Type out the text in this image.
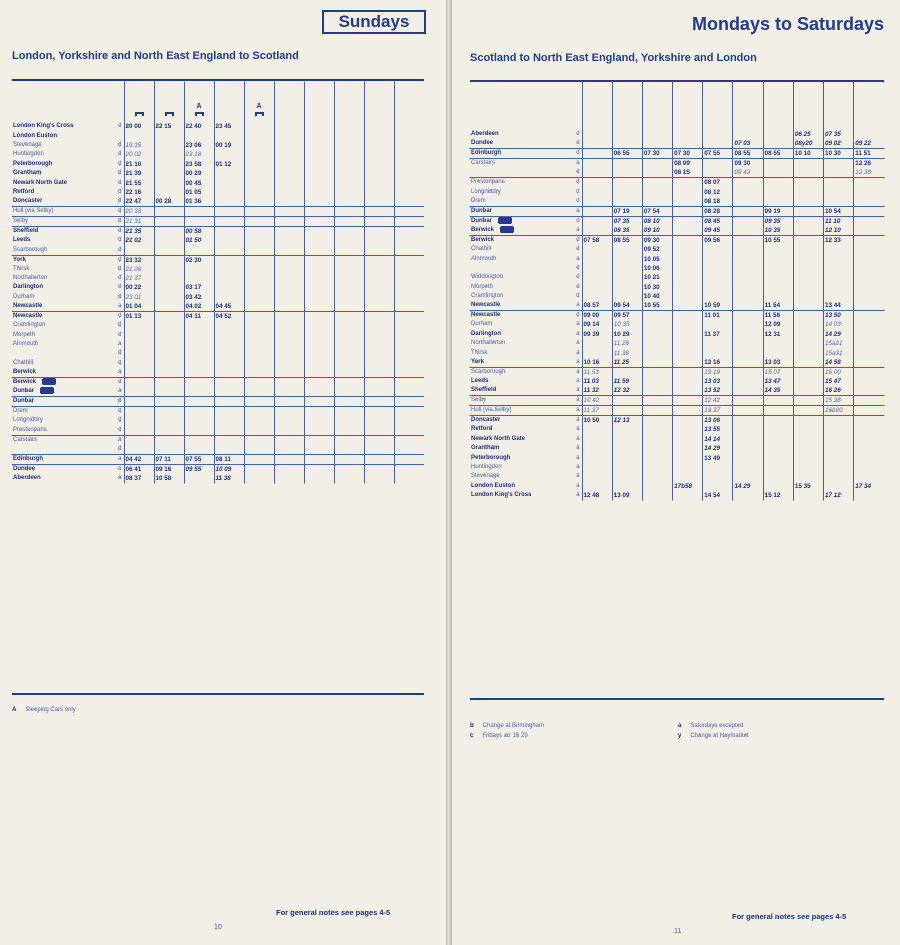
Sundays
London, Yorkshire and North East England to Scotland

				A		A					

London King's Cross	d	20 00	22 15	22 40	23 45						
London Euston											
Stevenage	d	19 15		23 06	00 19						
Huntingdon	d	20 02		23 18							
Peterborough	d	21 10		23 58	01 12						
Grantham	d	21 39		00 29							
Newark North Gate	d	21 55		00 45							
Retford	d	22 16		01 05							
Doncaster	d	22 47	00 28	01 36							
Hull (via Selby)	d	20 35									
Selby	d	21 31									
Sheffield	d	21 35		00 58							
Leeds	d	21 02		01 50							
Scarborough	d										
York	d	23 32		02 30							
Thirsk	d	21 26									
Northallerton	d	21 37									
Darlington	d	00 22		03 17							
Durham	d	23 01		03 42							
Newcastle	a	01 04		04 02	04 45						
Newcastle	d	01 13		04 11	04 52						
Cramlington	d										
Morpeth	d										
Alnmouth	a										
	d										
Chathill	d										
Berwick	a										
Berwick	d										
Dunbar	a										
Dunbar	d										
Drem	d										
Longniddry	d										
Prestonpans	d										
Carstairs	a										
	d										
Edinburgh	a	04 42	07 11	07 55	08 11						
Dundee	a	06 41	09 16	09 55	10 09						
Aberdeen	a	08 37	10 58		11 38						
A Sleeping Cars only
For general notes see pages 4-5
10
Mondays to Saturdays
Scotland to North East England, Yorkshire and London

Aberdeen	d								06 25	07 35	
Dundee	d						07 03		08y20	09 02	09 22
Edinburgh	d		06 55	07 30	07 30	07 55	08 55	08 55	10 10	10 30	11 51
Carstairs	a				08 09		09 30				12 26
	d				08 15		09 42				12 38
Prestonpans	d					08 07					
Longniddry	d					08 12					
Drem	d					08 18					
Dunbar	a		07 19	07 54		08 28		09 19		10 54	
Dunbar	d		07 35	08 10		08 45		09 35		11 10	
Berwick	a		08 35	09 10		09 45		10 35		12 10	
Berwick	d	07 58	08 55	09 30		09 56		10 55		12 33	
Chathill	d			09 52							
Alnmouth	a			10 05							
	d			10 06							
Widdrington	d			10 21							
Morpeth	d			10 30							
Cramlington	d			10 40							
Newcastle	a	08 57	09 54	10 55		10 59		11 54		13 44	
Newcastle	d	09 00	09 57			11 01		11 56		13 50	
Durham	a	09 14	10 35					12 09		14 03	
Darlington	a	09 39	10 29			11 37		12 31		14 29	
Northallerton	a		11 26							15a21	
Thirsk	a		11 38							15a31	
York	a	10 16	11 25			12 16		13 03		14 58	
Scarborough	a	11 53				13 19		15 07		16 00	
Leeds	a	11 03	11 59			13 03		13 47		15 47	
Sheffield	a	11 32	12 32			13 52		14 35		16 26	
Selby	a	10 42				12 42				15 38	
Hull (via Selby)	a	11 37				13 37				16b20	
Doncaster	a	10 50	12 13			13 06					
Retford	a					13 55					
Newark North Gate	a					14 14					
Grantham	a					14 29					
Peterborough	a					13 49					
Huntingdon	a										
Stevenage	a										
London Euston	a				17b58		14 29		15 35		17 34
London King's Cross	a	12 48	13 09			14 54		15 12		17 12	
b Change at Birmingham
c Fridays arr 16 29
a Saturdays excepted
y Change at Haymarket
For general notes see pages 4-5
11
